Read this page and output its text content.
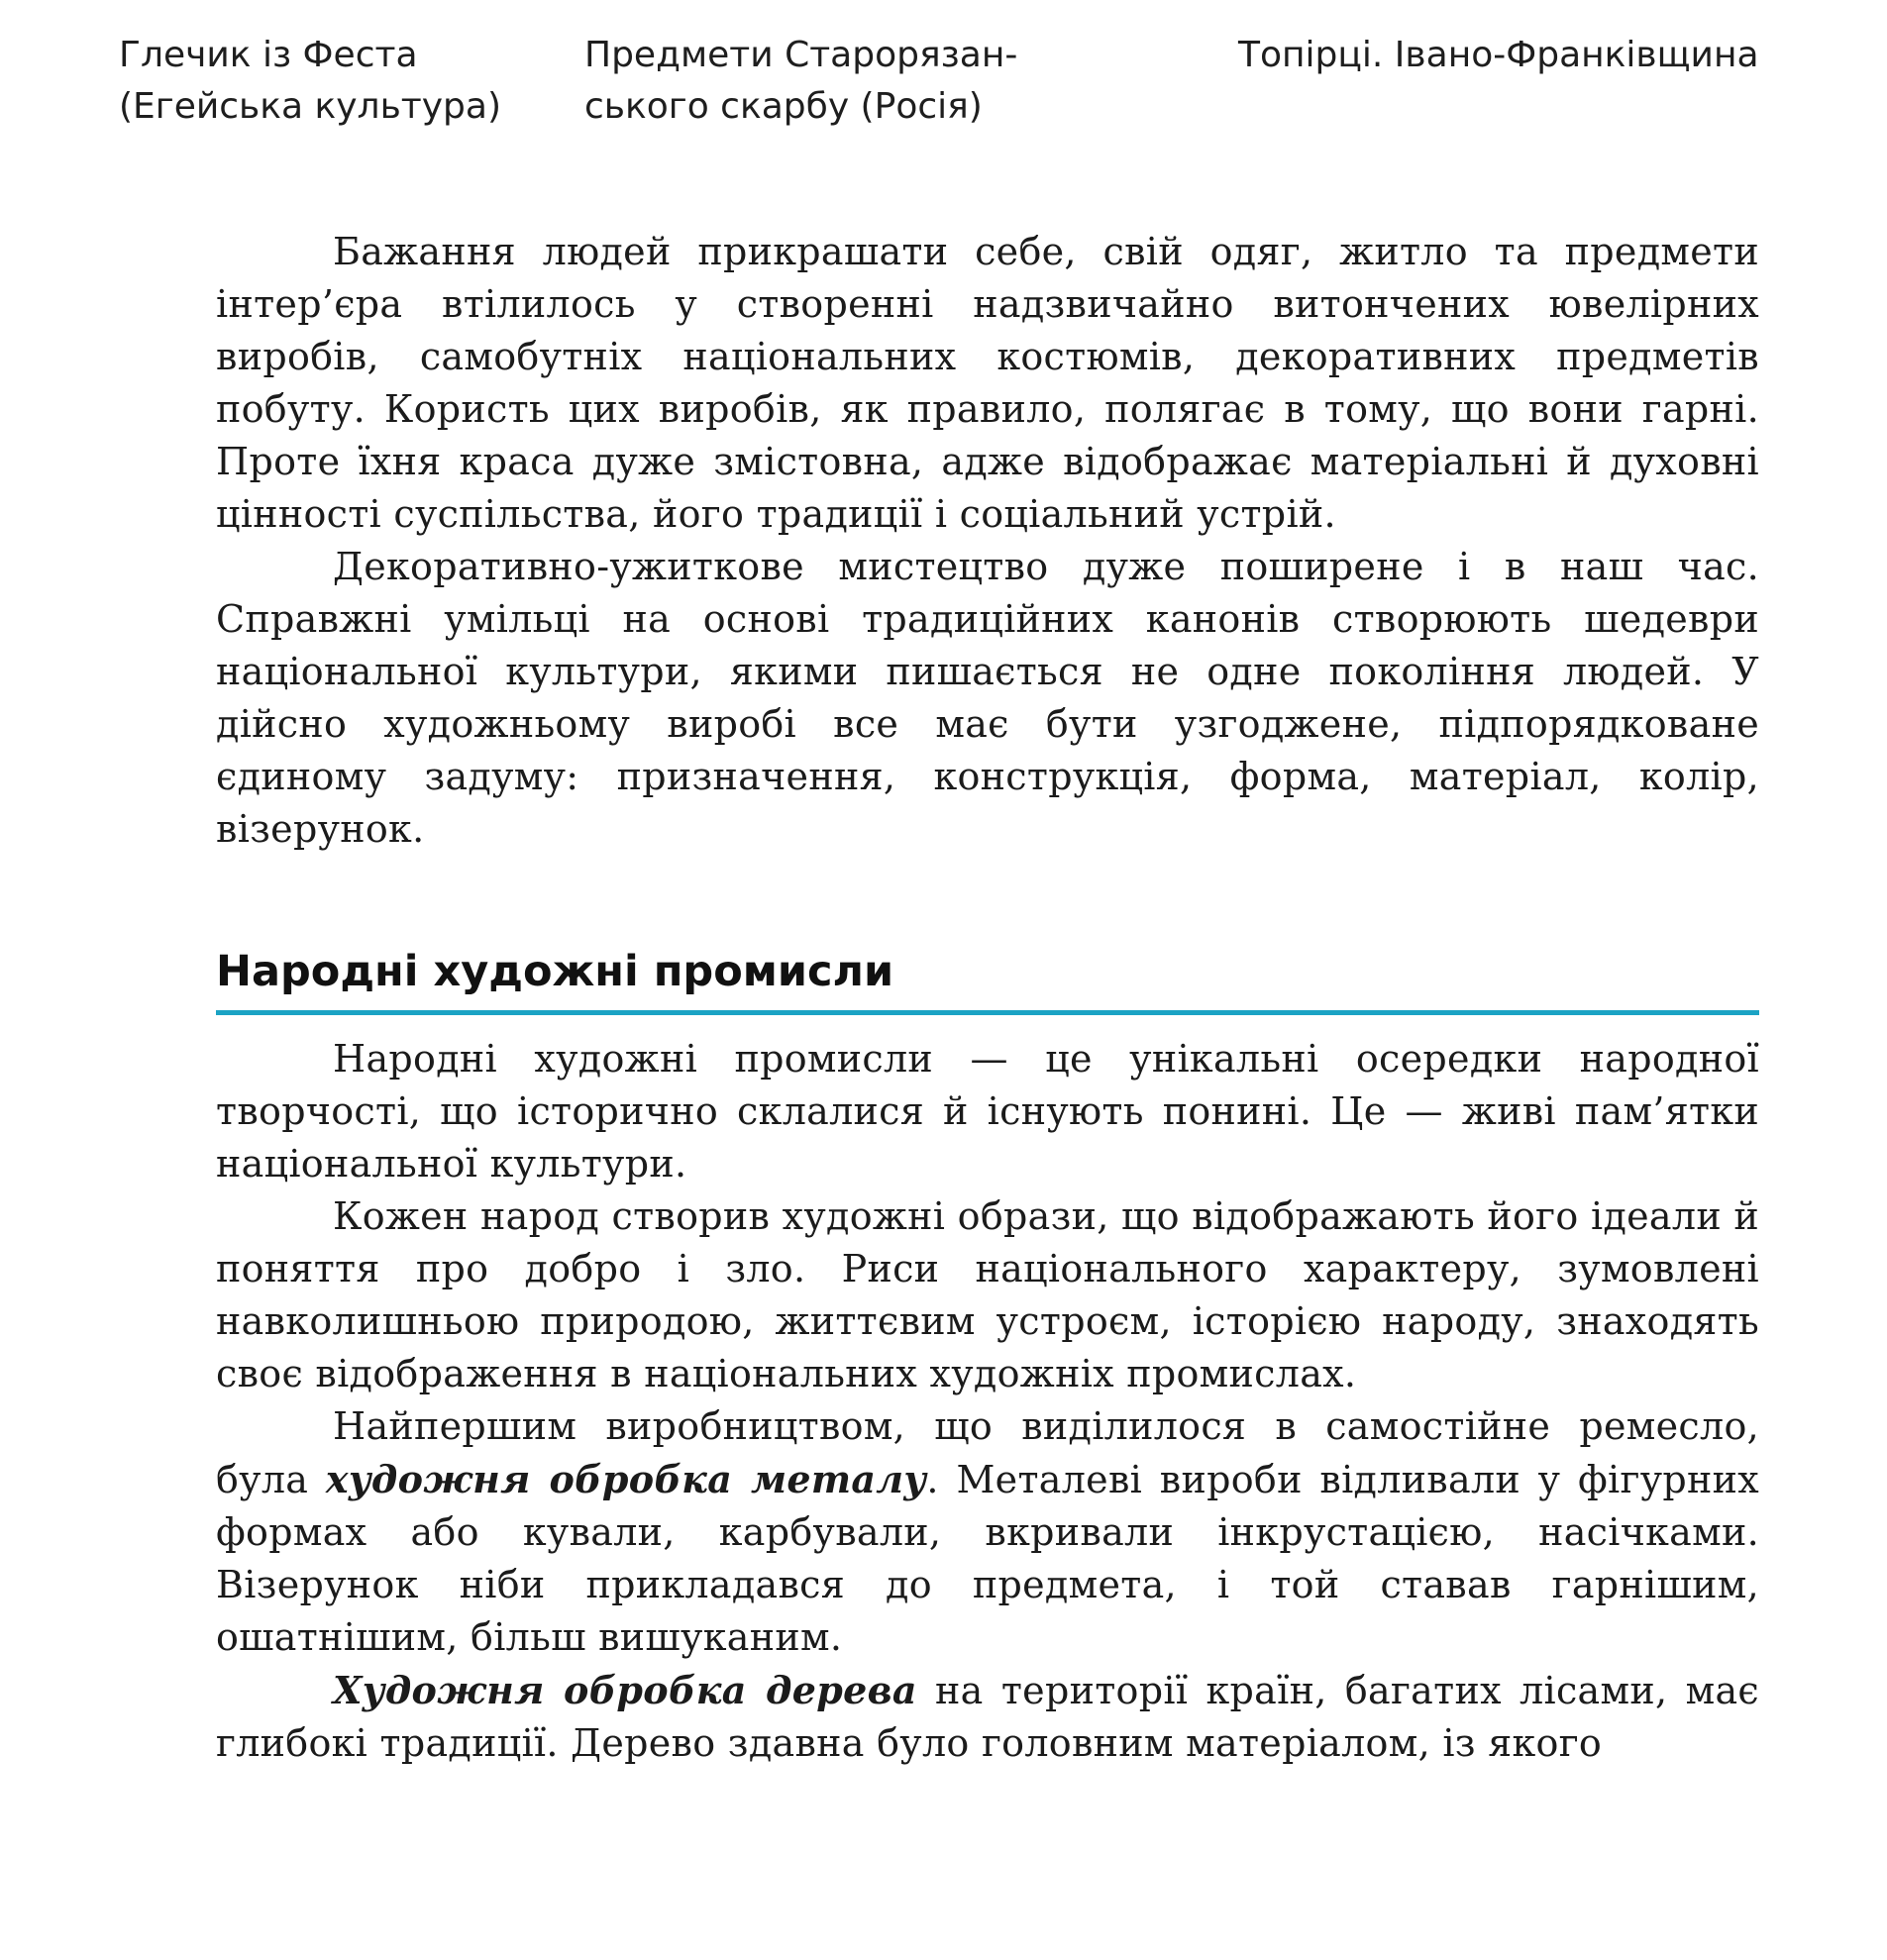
Глечик із Феста
(Егейська культура)
Предмети Старорязан-
ського скарбу (Росія)
Топірці. Івано-Франківщина

Бажання людей прикрашати себе, свій одяг, житло та предмети інтер’єра втілилось у створенні надзвичайно витончених ювелірних виробів, самобутніх національних костюмів, декоративних предметів побуту. Користь цих виробів, як правило, полягає в тому, що вони гарні. Проте їхня краса дуже змістовна, адже відображає матеріальні й духовні цінності суспільства, його традиції і соціальний устрій.

Декоративно-ужиткове мистецтво дуже поширене і в наш час. Справжні умільці на основі традиційних канонів створюють шедеври національної культури, якими пишається не одне покоління людей. У дійсно художньому виробі все має бути узгоджене, підпорядковане єдиному задуму: призначення, конструкція, форма, матеріал, колір, візерунок.

Народні художні промисли

Народні художні промисли — це унікальні осередки народної творчості, що історично склалися й існують понині. Це — живі пам’ятки національної культури.

Кожен народ створив художні образи, що відображають його ідеали й поняття про добро і зло. Риси національного характеру, зумовлені навколишньою природою, життєвим устроєм, історією народу, знаходять своє відображення в національних художніх промислах.

Найпершим виробництвом, що виділилося в самостійне ремесло, була художня обробка металу. Металеві вироби відливали у фігурних формах або кували, карбували, вкривали інкрустацією, насічками. Візерунок ніби прикладався до предмета, і той ставав гарнішим, ошатнішим, більш вишуканим.

Художня обробка дерева на території країн, багатих лісами, має глибокі традиції. Дерево здавна було головним матеріалом, із якого
